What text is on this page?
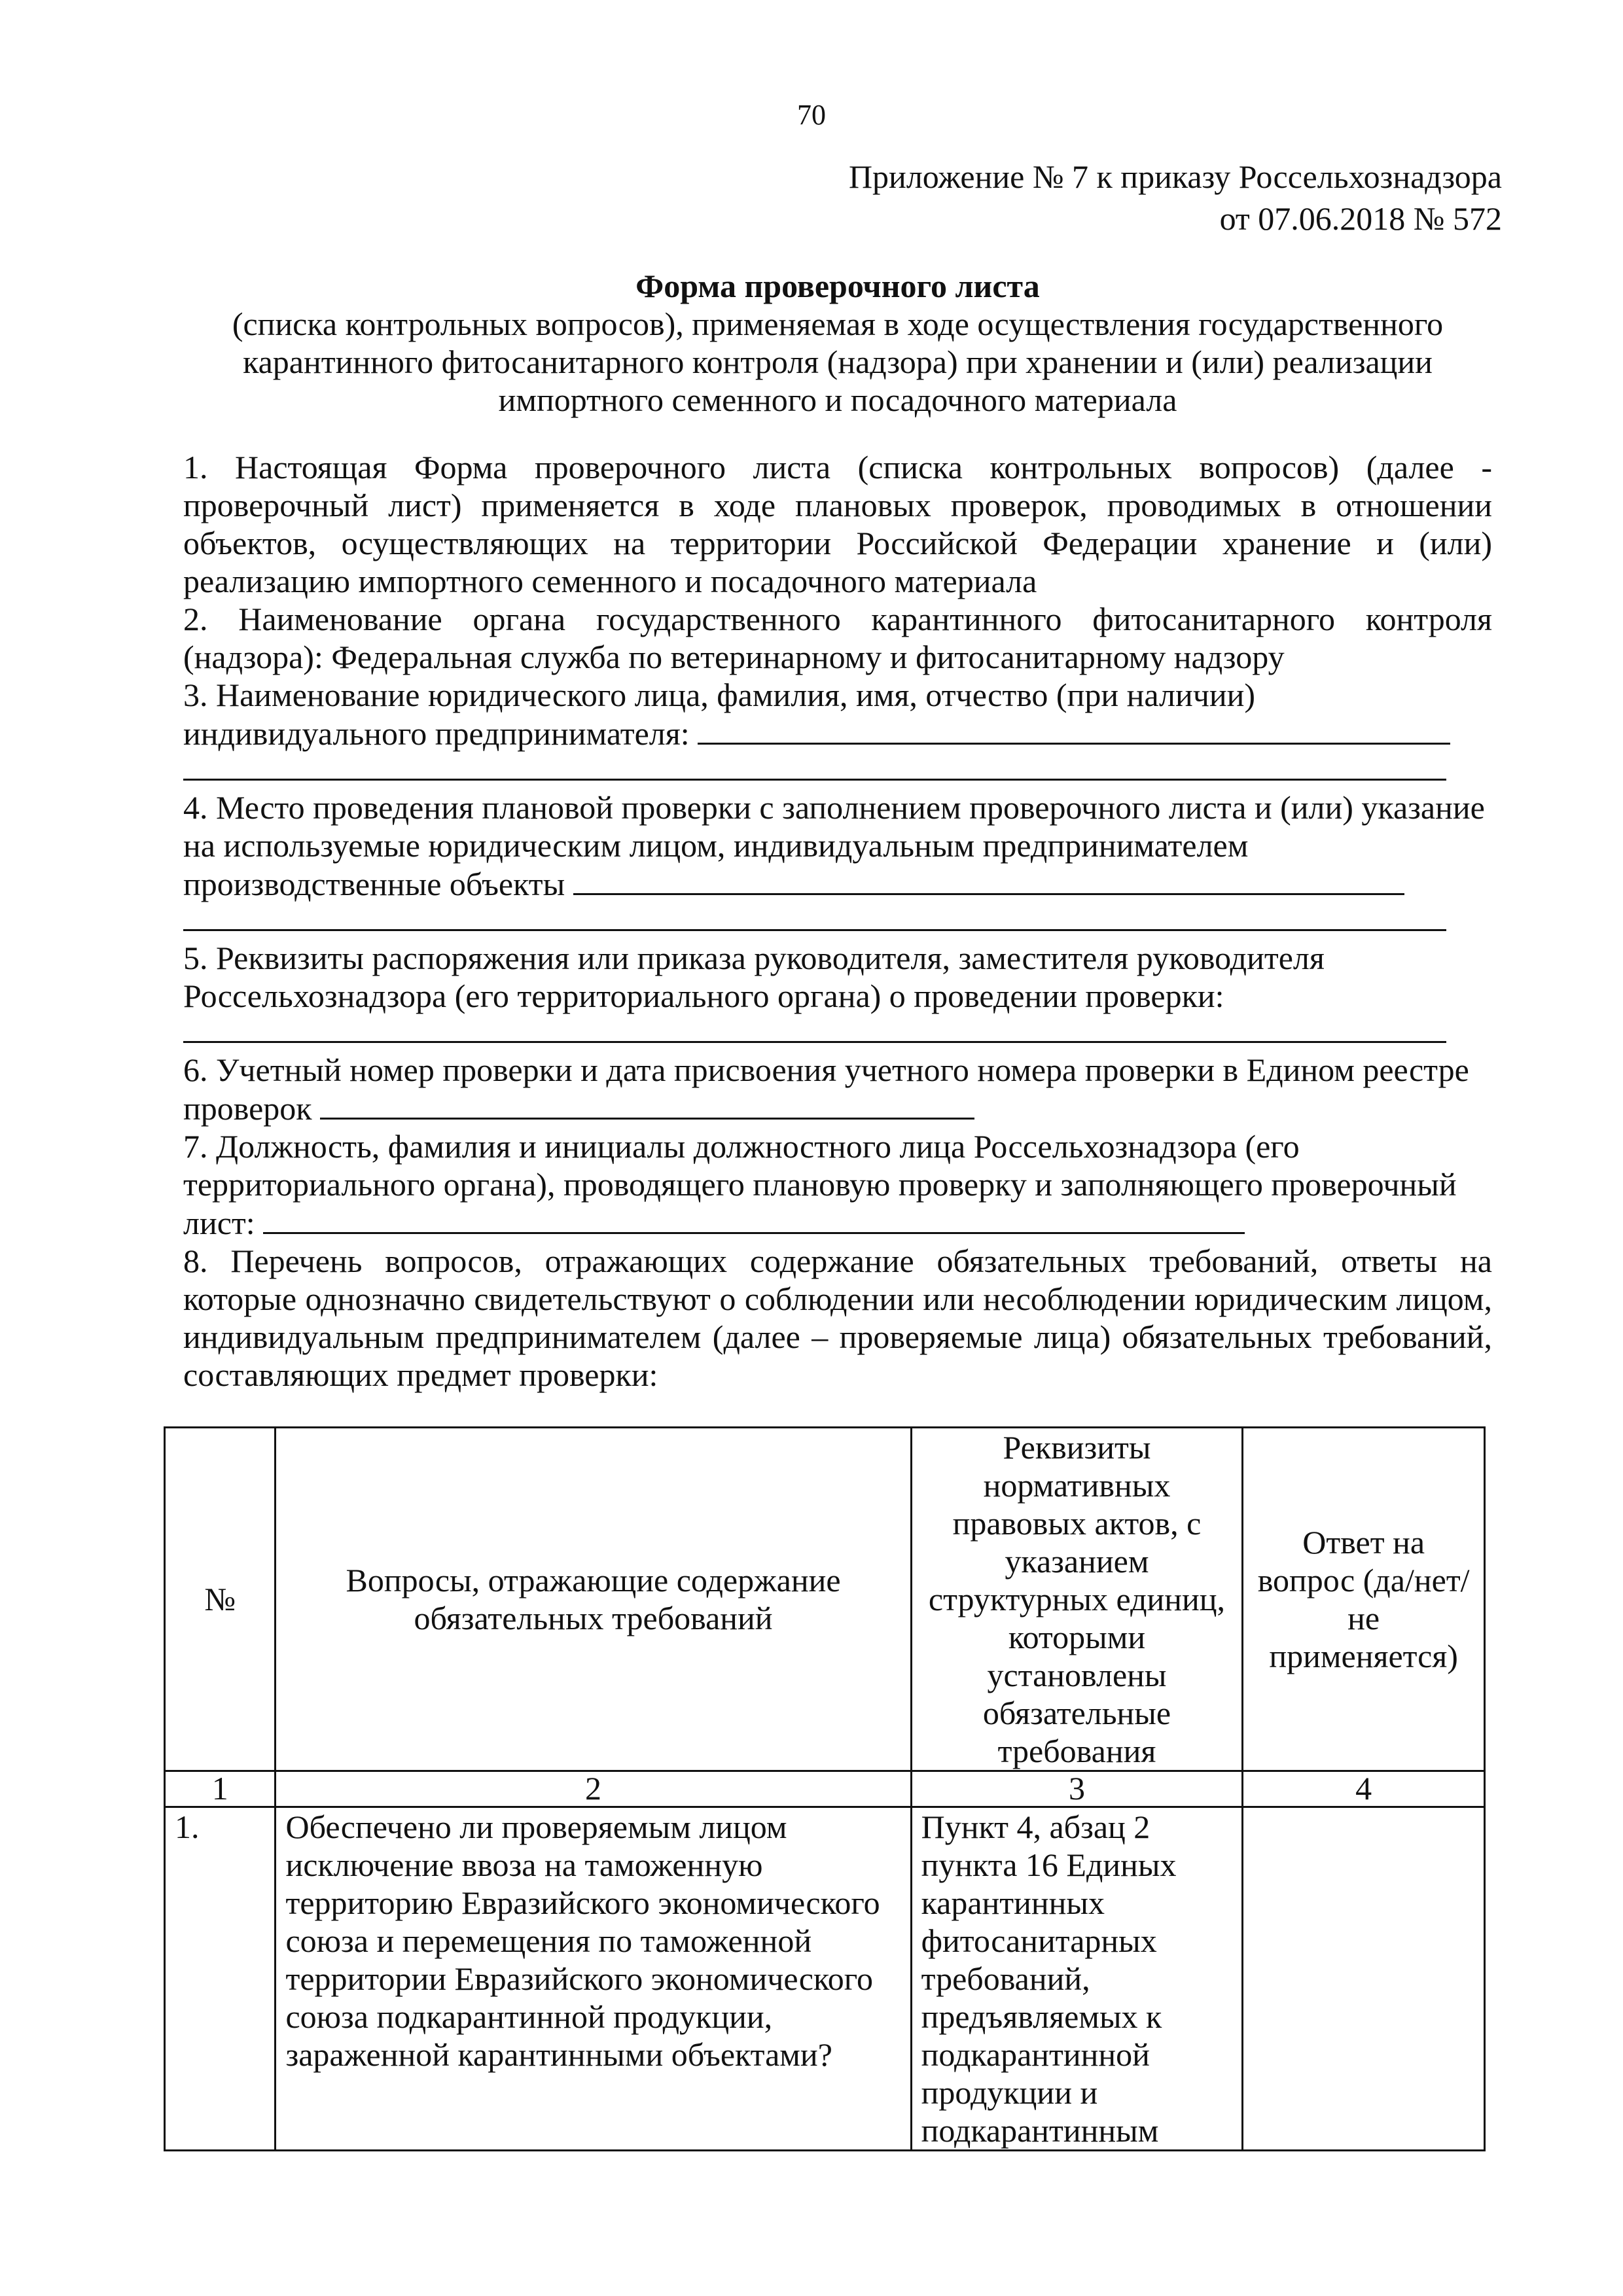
70
Приложение № 7 к приказу Россельхознадзора
от 07.06.2018 № 572
Форма проверочного листа
(списка контрольных вопросов), применяемая в ходе осуществления государственного карантинного фитосанитарного контроля (надзора) при хранении и (или) реализации импортного семенного и посадочного материала
1. Настоящая Форма проверочного листа (списка контрольных вопросов) (далее - проверочный лист) применяется в ходе плановых проверок, проводимых в отношении объектов, осуществляющих на территории Российской Федерации хранение и (или) реализацию импортного семенного и посадочного материала
2. Наименование органа государственного карантинного фитосанитарного контроля (надзора): Федеральная служба по ветеринарному и фитосанитарному надзору
3. Наименование юридического лица, фамилия, имя, отчество (при наличии) индивидуального предпринимателя:
4. Место проведения плановой проверки с заполнением проверочного листа и (или) указание на используемые юридическим лицом, индивидуальным предпринимателем производственные объекты
5. Реквизиты распоряжения или приказа руководителя, заместителя руководителя Россельхознадзора (его территориального органа) о проведении проверки:
6. Учетный номер проверки и дата присвоения учетного номера проверки в Едином реестре проверок
7. Должность, фамилия и инициалы должностного лица Россельхознадзора (его территориального органа), проводящего плановую проверку и заполняющего проверочный лист:
8. Перечень вопросов, отражающих содержание обязательных требований, ответы на которые однозначно свидетельствуют о соблюдении или несоблюдении юридическим лицом, индивидуальным предпринимателем (далее – проверяемые лица) обязательных требований, составляющих предмет проверки:
№	Вопросы, отражающие содержание обязательных требований	Реквизиты нормативных правовых актов, с указанием структурных единиц, которыми установлены обязательные требования	Ответ на вопрос (да/нет/не применяется)
1	2	3	4
1.	Обеспечено ли проверяемым лицом исключение ввоза на таможенную территорию Евразийского экономического союза и перемещения по таможенной территории Евразийского экономического союза подкарантинной продукции, зараженной карантинными объектами?	Пункт 4, абзац 2 пункта 16 Единых карантинных фитосанитарных требований, предъявляемых к подкарантинной продукции и подкарантинным	
